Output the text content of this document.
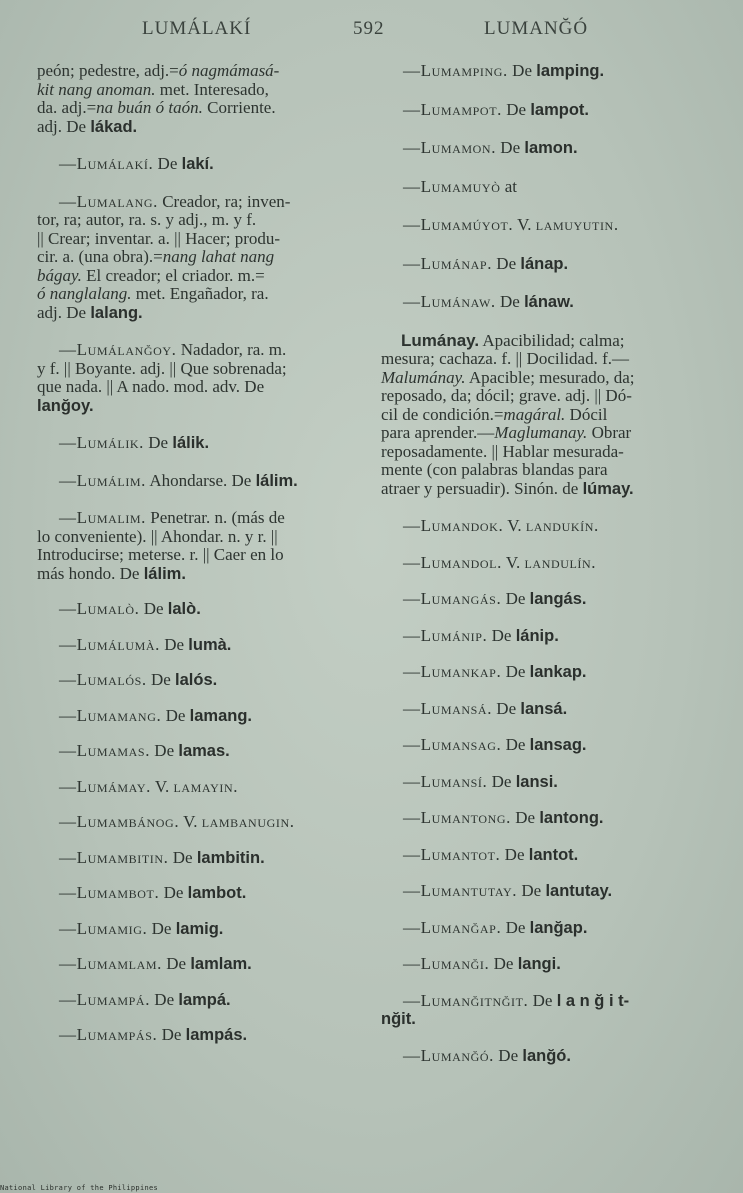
LUMÁLAKÍ	592	LUMANĞÓ

peón; pedestre, adj.=ó nagmámasá-
kit nang anoman. met. Interesado,
da. adj.=na buán ó taón. Corriente.
adj. De lákad.

—Lumálakí. De lakí.

—Lumalang. Creador, ra; inven-
tor, ra; autor, ra. s. y adj., m. y f.
|| Crear; inventar. a. || Hacer; produ-
cir. a. (una obra).=nang lahat nang
bágay. El creador; el criador. m.=
ó nanglalang. met. Engañador, ra.
adj. De lalang.

—Lumálanğoy. Nadador, ra. m.
y f. || Boyante. adj. || Que sobrenada;
que nada. || A nado. mod. adv. De
lanğoy.

—Lumálik. De lálik.

—Lumálim. Ahondarse. De lálim.

—Lumalim. Penetrar. n. (más de
lo conveniente). || Ahondar. n. y r. ||
Introducirse; meterse. r. || Caer en lo
más hondo. De lálim.

—Lumalò. De lalò.

—Lumálumà. De lumà.

—Lumalós. De lalós.

—Lumamang. De lamang.

—Lumamas. De lamas.

—Lumámay. V. lamayin.

—Lumambánog. V. lambanugin.

—Lumambitin. De lambitin.

—Lumambot. De lambot.

—Lumamig. De lamig.

—Lumamlam. De lamlam.

—Lumampá. De lampá.

—Lumampás. De lampás.

—Lumamping. De lamping.

—Lumampot. De lampot.

—Lumamon. De lamon.

—Lumamuyò at

—Lumamúyot. V. lamuyutin.

—Lumánap. De lánap.

—Lumánaw. De lánaw.

Lumánay. Apacibilidad; calma;
mesura; cachaza. f. || Docilidad. f.—
Malumánay. Apacible; mesurado, da;
reposado, da; dócil; grave. adj. || Dó-
cil de condición.=magáral. Dócil
para aprender.—Maglumanay. Obrar
reposadamente. || Hablar mesurada-
mente (con palabras blandas para
atraer y persuadir). Sinón. de lúmay.

—Lumandok. V. landukín.

—Lumandol. V. landulín.

—Lumangás. De langás.

—Lumánip. De lánip.

—Lumankap. De lankap.

—Lumansá. De lansá.

—Lumansag. De lansag.

—Lumansí. De lansi.

—Lumantong. De lantong.

—Lumantot. De lantot.

—Lumantutay. De lantutay.

—Lumanğap. De lanğap.

—Lumanği. De langi.

—Lumanğitnğit. De l a n ğ i t-
nğit.

—Lumanğó. De lanğó.

National Library of the Philippines
